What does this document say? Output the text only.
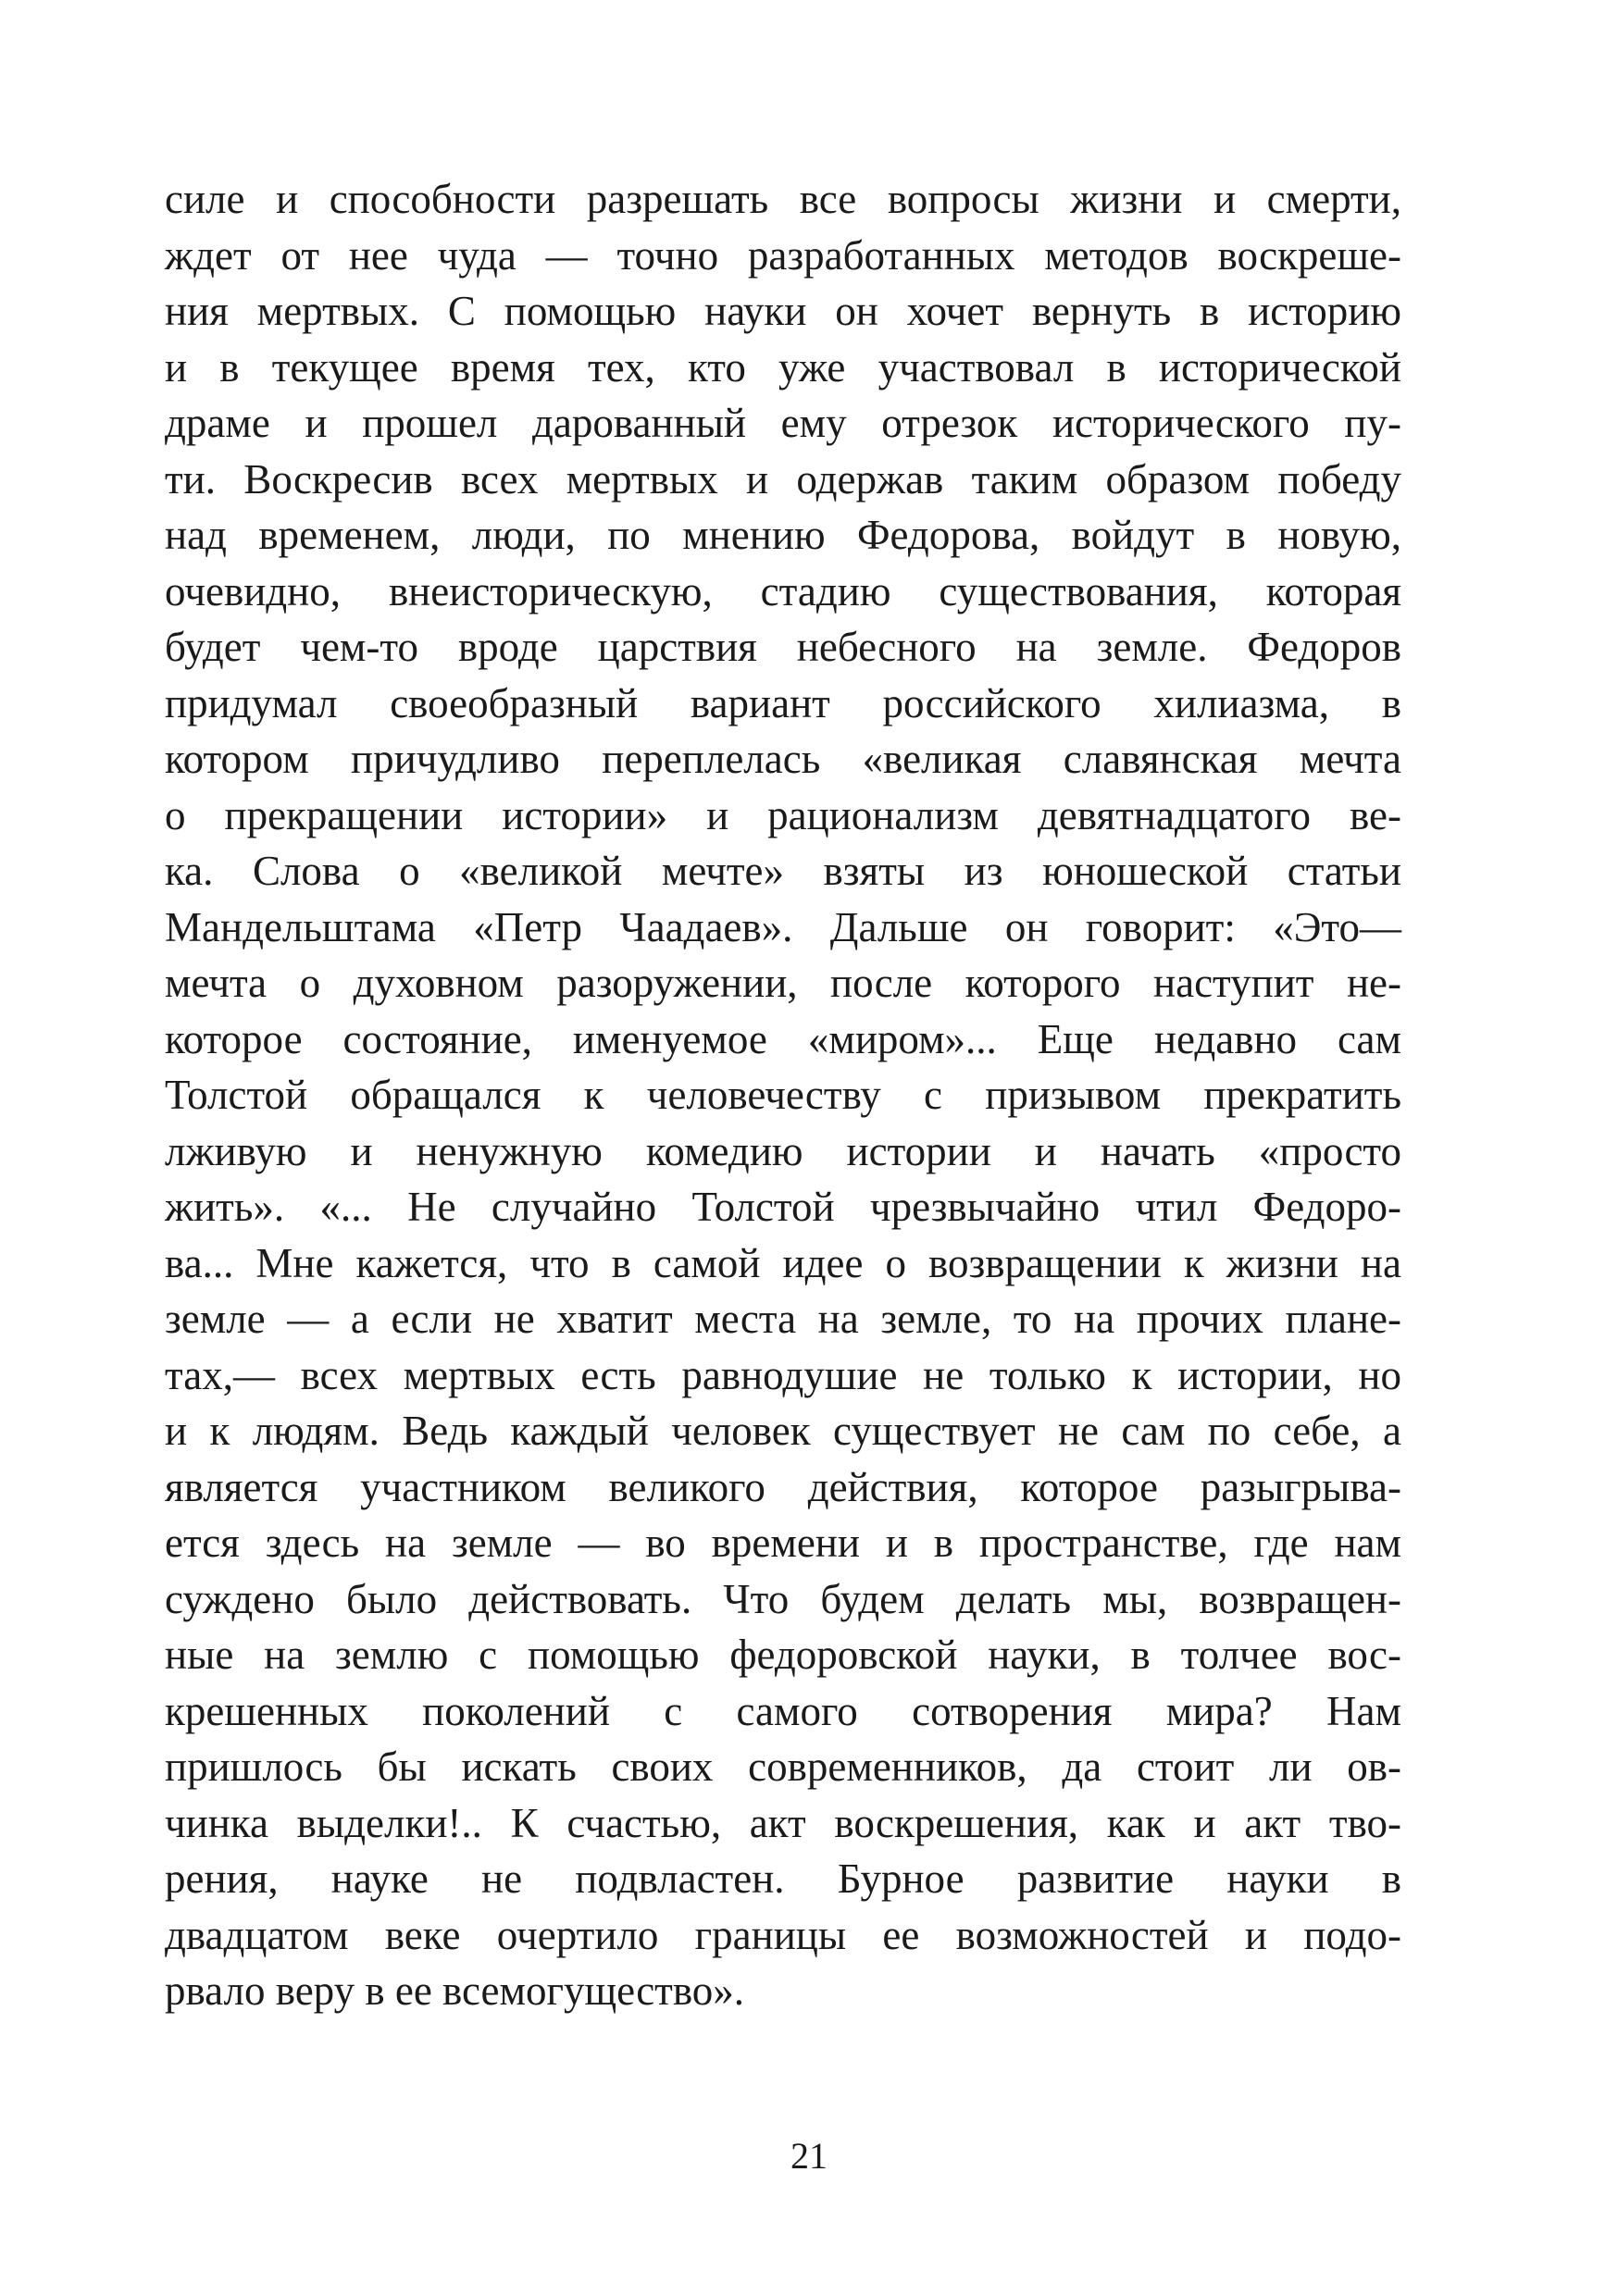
силе и способности разрешать все вопросы жизни и смерти,
ждет от нее чуда — точно разработанных методов воскреше-
ния мертвых. С помощью науки он хочет вернуть в историю
и в текущее время тех, кто уже участвовал в исторической
драме и прошел дарованный ему отрезок исторического пу-
ти. Воскресив всех мертвых и одержав таким образом победу
над временем, люди, по мнению Федорова, войдут в новую,
очевидно, внеисторическую, стадию существования, которая
будет чем-то вроде царствия небесного на земле. Федоров
придумал своеобразный вариант российского хилиазма, в
котором причудливо переплелась «великая славянская мечта
о прекращении истории» и рационализм девятнадцатого ве-
ка. Слова о «великой мечте» взяты из юношеской статьи
Мандельштама «Петр Чаадаев». Дальше он говорит: «Это—
мечта о духовном разоружении, после которого наступит не-
которое состояние, именуемое «миром»... Еще недавно сам
Толстой обращался к человечеству с призывом прекратить
лживую и ненужную комедию истории и начать «просто
жить». «... Не случайно Толстой чрезвычайно чтил Федоро-
ва... Мне кажется, что в самой идее о возвращении к жизни на
земле — а если не хватит места на земле, то на прочих плане-
тах,— всех мертвых есть равнодушие не только к истории, но
и к людям. Ведь каждый человек существует не сам по себе, а
является участником великого действия, которое разыгрыва-
ется здесь на земле — во времени и в пространстве, где нам
суждено было действовать. Что будем делать мы, возвращен-
ные на землю с помощью федоровской науки, в толчее вос-
крешенных поколений с самого сотворения мира? Нам
пришлось бы искать своих современников, да стоит ли ов-
чинка выделки!.. К счастью, акт воскрешения, как и акт тво-
рения, науке не подвластен. Бурное развитие науки в
двадцатом веке очертило границы ее возможностей и подо-
рвало веру в ее всемогущество».
21
